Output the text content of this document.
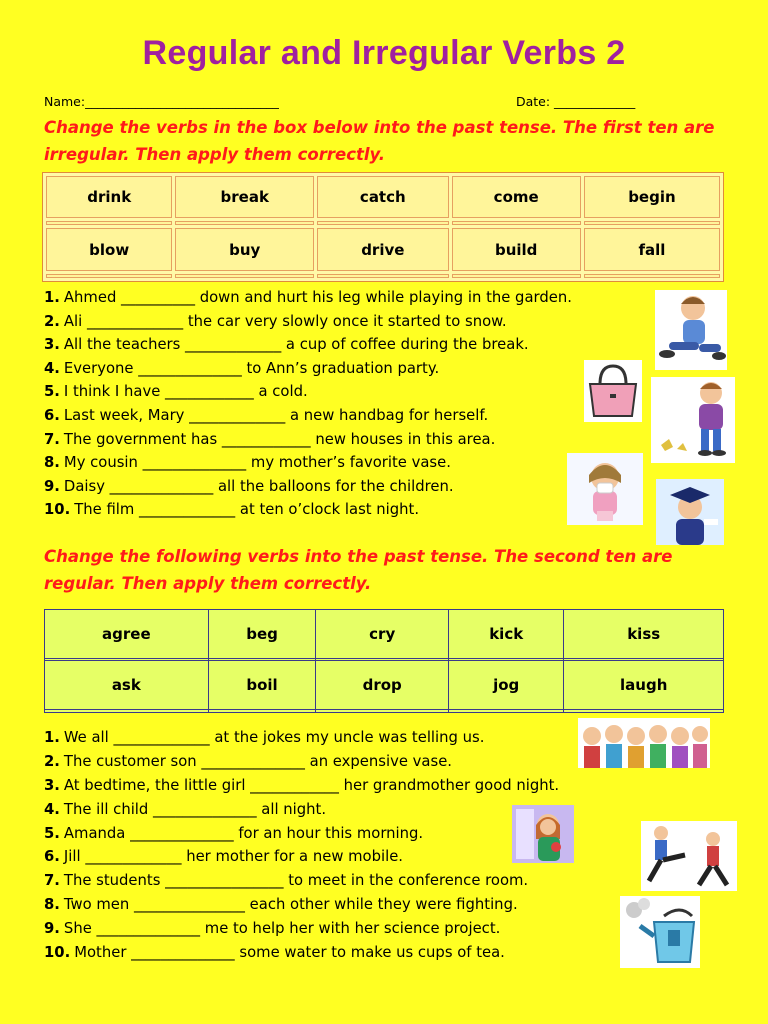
Regular and Irregular Verbs 2
Name:_______________________________	Date: _____________
Change the verbs in the box below into the past tense. The first ten are irregular. Then apply them correctly.
drink	break	catch	come	begin

blow	buy	drive	build	fall

1. Ahmed __________ down and hurt his leg while playing in the garden.
2. Ali _____________ the car very slowly once it started to snow.
3. All the teachers _____________ a cup of coffee during the break.
4. Everyone ______________ to Ann’s graduation party.
5. I think I have ____________ a cold.
6. Last week, Mary _____________ a new handbag for herself.
7. The government has ____________ new houses in this area.
8. My cousin ______________ my mother’s favorite vase.
9. Daisy ______________ all the balloons for the children.
10. The film _____________ at ten o’clock last night.
Change the following verbs into the past tense. The second ten are regular. Then apply them correctly.
agree	beg	cry	kick	kiss

ask	boil	drop	jog	laugh

1. We all _____________ at the jokes my uncle was telling us.
2. The customer son ______________ an expensive vase.
3. At bedtime, the little girl ____________ her grandmother good night.
4. The ill child ______________ all night.
5. Amanda ______________ for an hour this morning.
6. Jill _____________ her mother for a new mobile.
7. The students ________________ to meet in the conference room.
8. Two men _______________ each other while they were fighting.
9. She ______________ me to help her with her science project.
10. Mother ______________ some water to make us cups of tea.
